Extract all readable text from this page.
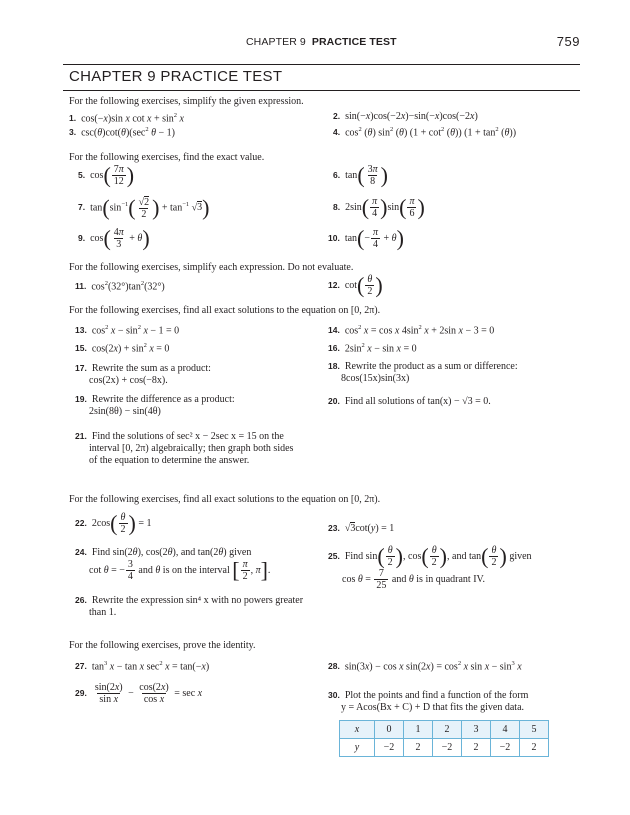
CHAPTER 9 PRACTICE TEST	759
CHAPTER 9 PRACTICE TEST
For the following exercises, simplify the given expression.
1. cos(−x)sin x $\cot x + \sin^2 x$	2. sin(−x)cos(−2x)−sin(−x)cos(−2x)
3. $\csc(\theta)\cot(\theta)(\sec^2$ θ − 1)	4. $\cos^2 (\theta)$ $\sin^2 (\theta) (1 + \cot^2 (\theta)) (1 + \tan^2 (\theta))$
For the following exercises, find the exact value.
5. $\cos( \frac{7\pi}{12}$ )	6. $\tan( \frac{3\pi}{8}$ )
7. $\tan(\sin^{-1}( \frac{√2}{2}$ ) + $\tan^{-1} √3$)	8. $2\sin( \frac{\pi}{4} )\sin( \frac{\pi}{6}$ )
9. $\cos( \frac{4\pi}{3} + \theta)$	10. $\tan(- \frac{\pi}{4} + \theta)$
For the following exercises, simplify each expression. Do not evaluate.
11. $\cos^2(32^\circ)\tan^2(32^\circ)$	12. $\cot( \frac{\theta}{2}$ )
For the following exercises, find all exact solutions to the equation on [0, 2π).
13. $\cos^2 x - \sin^2 x - 1 = 0$	14. $\cos^2 x = \cos x$ $4\sin^2$ x + 2sin x − 3 = 0
15. $\cos(2x) + \sin^2 x = 0$	16. $2\sin^2$ x − sin x = 0
17. Rewrite the sum as a product:
cos(2x) + cos(−8x).
18. Rewrite the product as a sum or difference:
8cos(15x)sin(3x)
19. Rewrite the difference as a product:
2sin(8θ) − sin(4θ)
20. Find all solutions of tan(x) − √3 = 0.
21. Find the solutions of sec² x − 2sec x = 15 on the
interval [0, 2π) algebraically; then graph both sides
of the equation to determine the answer.
For the following exercises, find all exact solutions to the equation on [0, 2π).
22. $2\cos( \frac{\theta}{2}$ ) = 1	23. √3cot(y) = 1
24. Find sin(2θ), cos(2θ), and tan(2θ) given
cot θ = − $\frac{3}{4}$ and θ is on the interval [ $\frac{\pi}{2}$ , π].
25. Find $\sin( \frac{\theta}{2}$ ), $\cos( \frac{\theta}{2}$ ), and $\tan( \frac{\theta}{2}$ ) given
$\cos \theta = \frac{7}{25}$ and θ is in quadrant IV.
26. Rewrite the expression sin⁴ x with no powers greater
than 1.
For the following exercises, prove the identity.
27. $\tan^3 x - \tan x$ $\sec^2 x = \tan(-x)$	28. sin(3x) − cos x $\sin(2x) = \cos^2 x$ $\sin x - \sin^3 x$
29. $\frac{\sin(2x)}{\text{sin x}} - \frac{\cos(2x)}{\text{cos x}} = \sec x$	30. Plot the points and find a function of the form
y = Acos(Bx + C) + D that fits the given data.
x	0	1	2	3	4	5
y	−2	2	−2	2	−2	2
